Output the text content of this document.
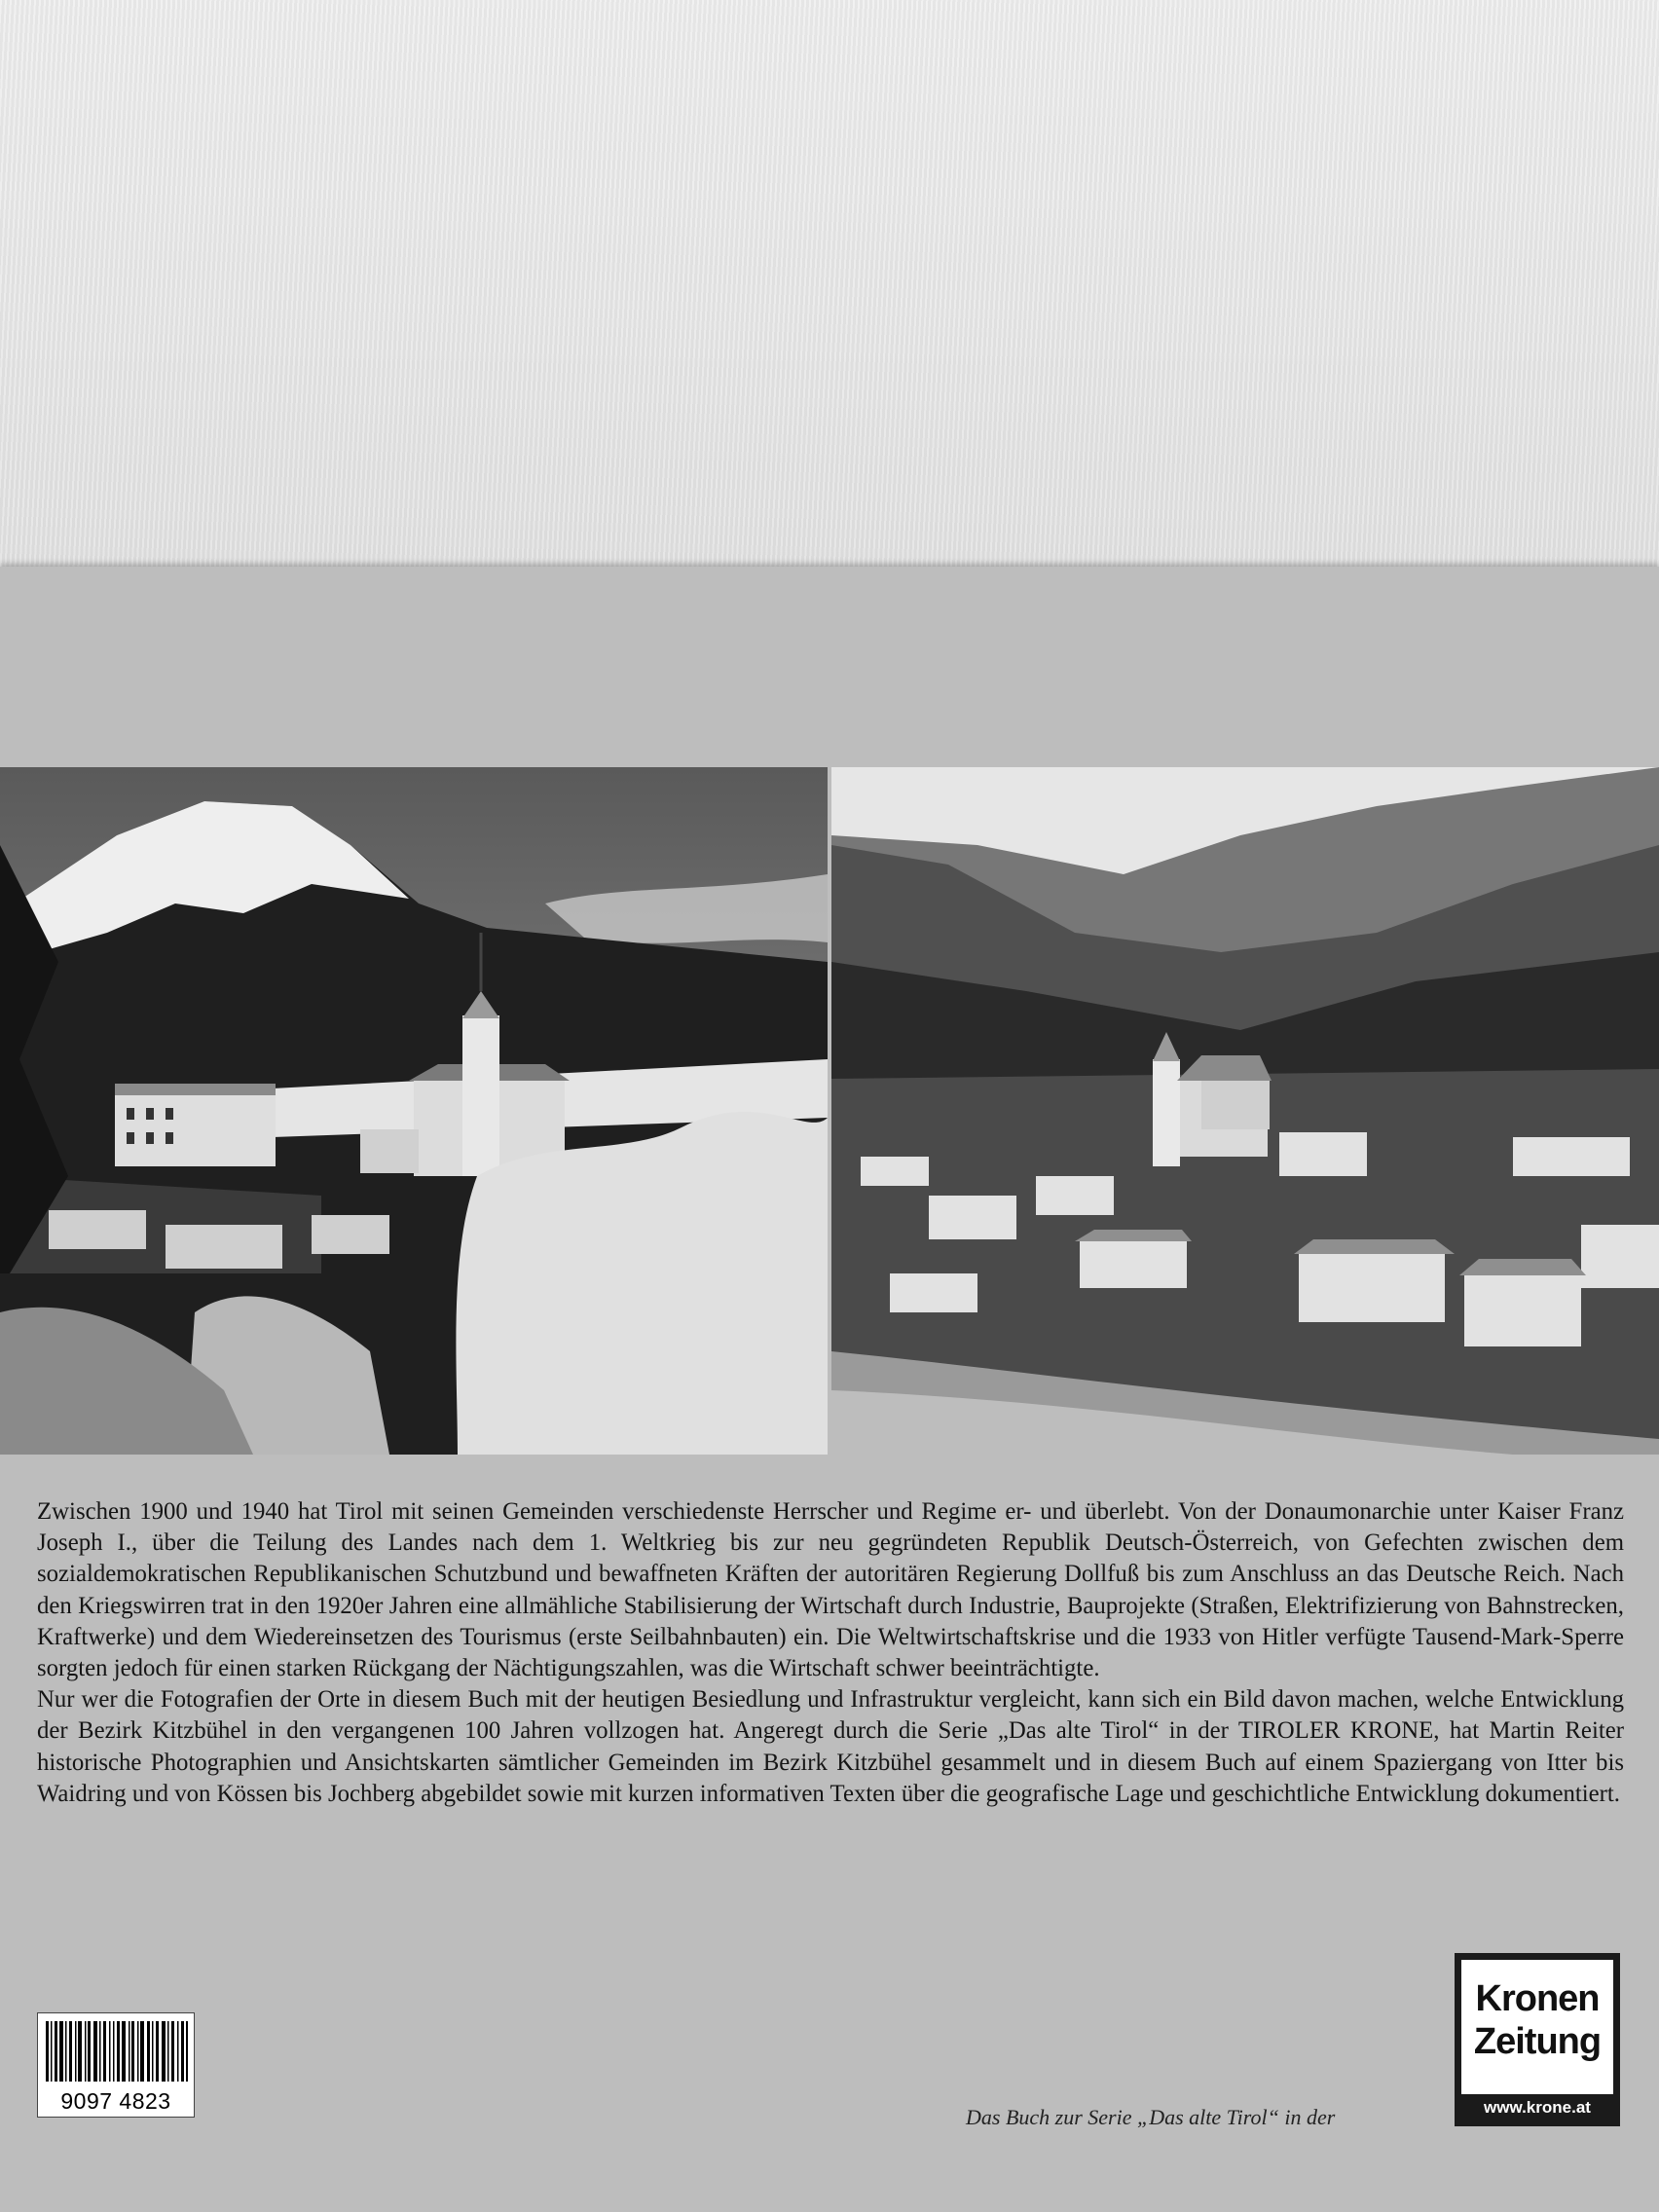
Zwischen 1900 und 1940 hat Tirol mit seinen Gemeinden verschiedenste Herrscher und Regime er- und überlebt. Von der Donaumonarchie unter Kaiser Franz Joseph I., über die Teilung des Landes nach dem 1. Weltkrieg bis zur neu gegründeten Republik Deutsch-Österreich, von Gefechten zwischen dem sozialdemokratischen Republikanischen Schutzbund und bewaffneten Kräften der autoritären Regierung Dollfuß bis zum Anschluss an das Deutsche Reich. Nach den Kriegswirren trat in den 1920er Jahren eine allmähliche Stabilisierung der Wirtschaft durch Industrie, Bauprojekte (Straßen, Elektrifizierung von Bahnstrecken, Kraftwerke) und dem Wiedereinsetzen des Tourismus (erste Seilbahnbauten) ein. Die Weltwirtschaftskrise und die 1933 von Hitler verfügte Tausend-Mark-Sperre sorgten jedoch für einen starken Rückgang der Nächtigungszahlen, was die Wirtschaft schwer beeinträchtigte.

Nur wer die Fotografien der Orte in diesem Buch mit der heutigen Besiedlung und Infrastruktur vergleicht, kann sich ein Bild davon machen, welche Entwicklung der Bezirk Kitzbühel in den vergangenen 100 Jahren vollzogen hat. Angeregt durch die Serie „Das alte Tirol“ in der TIROLER KRONE, hat Martin Reiter historische Photographien und Ansichtskarten sämtlicher Gemeinden im Bezirk Kitzbühel gesammelt und in diesem Buch auf einem Spaziergang von Itter bis Waidring und von Kössen bis Jochberg abgebildet sowie mit kurzen informativen Texten über die geografische Lage und geschichtliche Entwicklung dokumentiert.

9097 4823
Das Buch zur Serie „Das alte Tirol“ in der
Kronen
Zeitung
www.krone.at
